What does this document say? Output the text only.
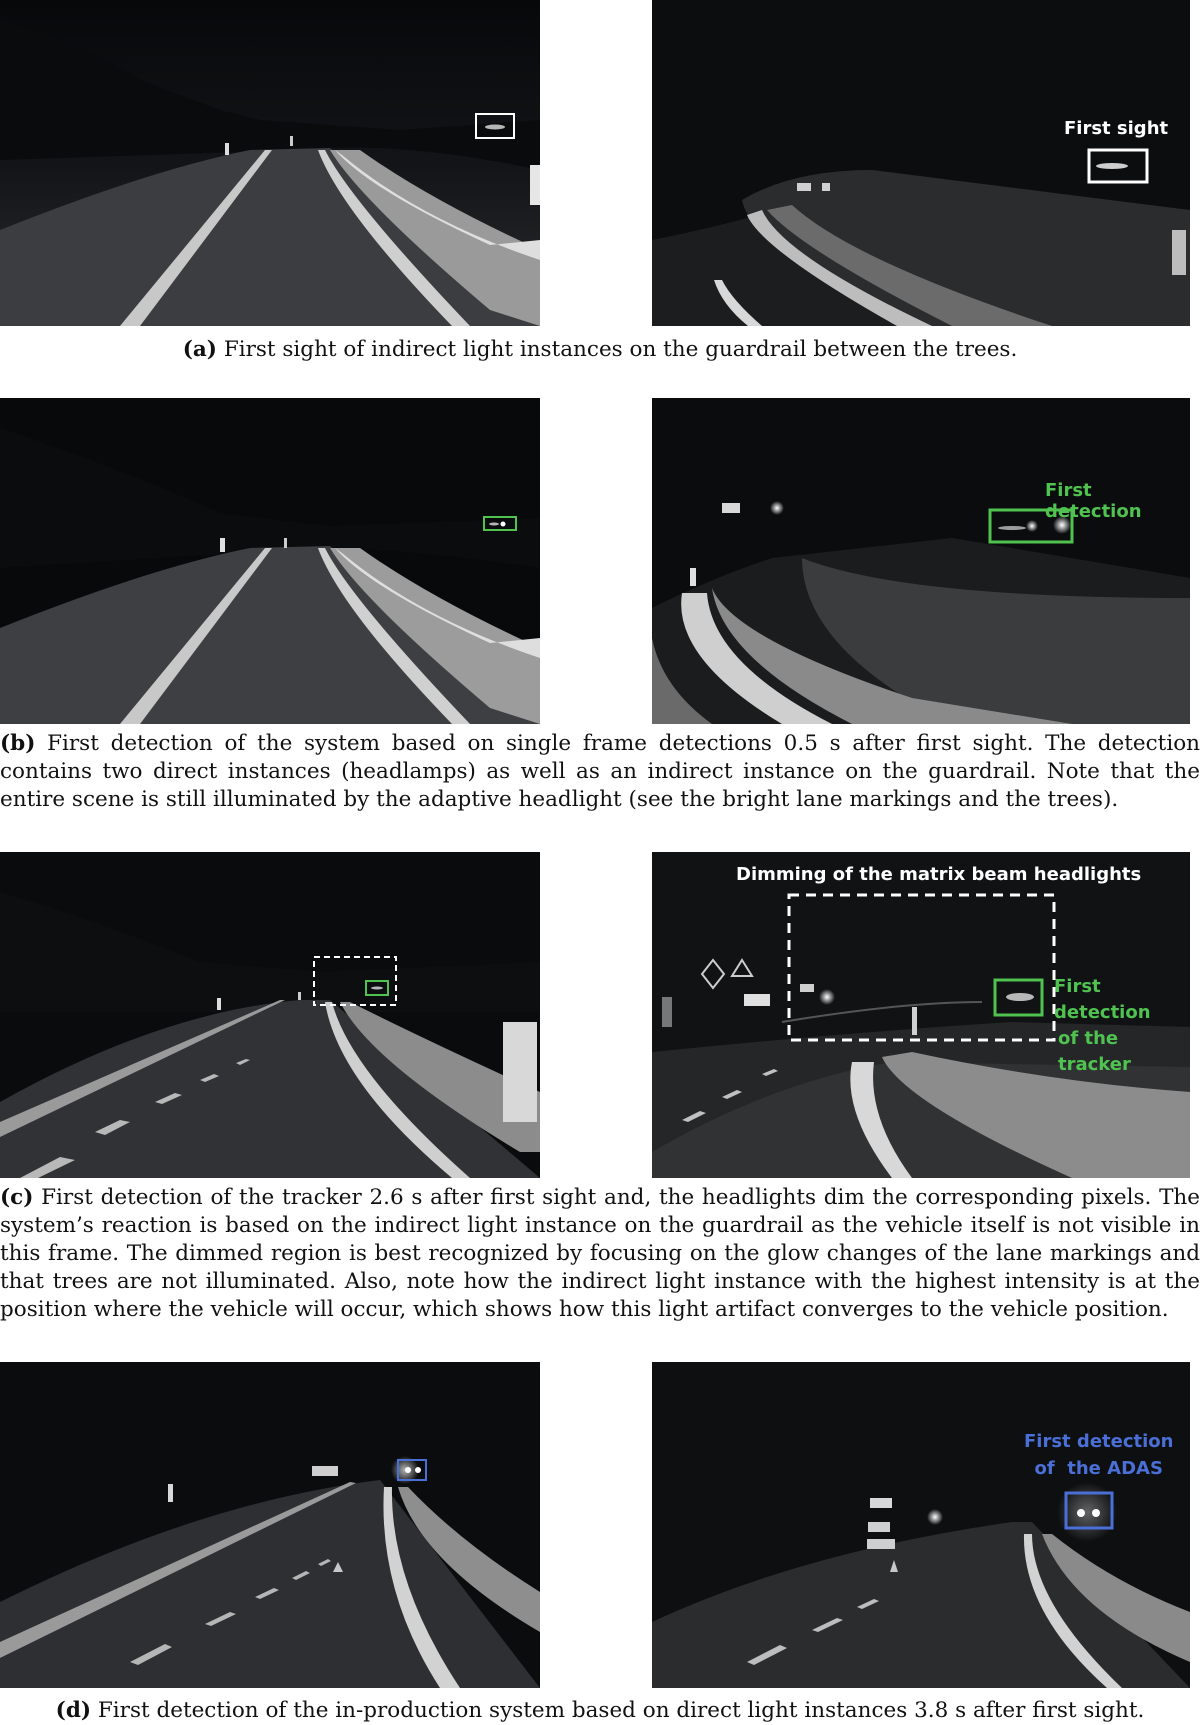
First sight
(a) First sight of indirect light instances on the guardrail between the trees.
First detection
(b) First detection of the system based on single frame detections 0.5 s after first sight. The detection contains two direct instances (headlamps) as well as an indirect instance on the guardrail. Note that the entire scene is still illuminated by the adaptive headlight (see the bright lane markings and the trees).
Dimming of the matrix beam headlights
First detection
of the tracker
(c) First detection of the tracker 2.6 s after first sight and, the headlights dim the corresponding pixels. The system’s reaction is based on the indirect light instance on the guardrail as the vehicle itself is not visible in this frame. The dimmed region is best recognized by focusing on the glow changes of the lane markings and that trees are not illuminated. Also, note how the indirect light instance with the highest intensity is at the position where the vehicle will occur, which shows how this light artifact converges to the vehicle position.
First detection
of  the ADAS
(d) First detection of the in-production system based on direct light instances 3.8 s after first sight.
